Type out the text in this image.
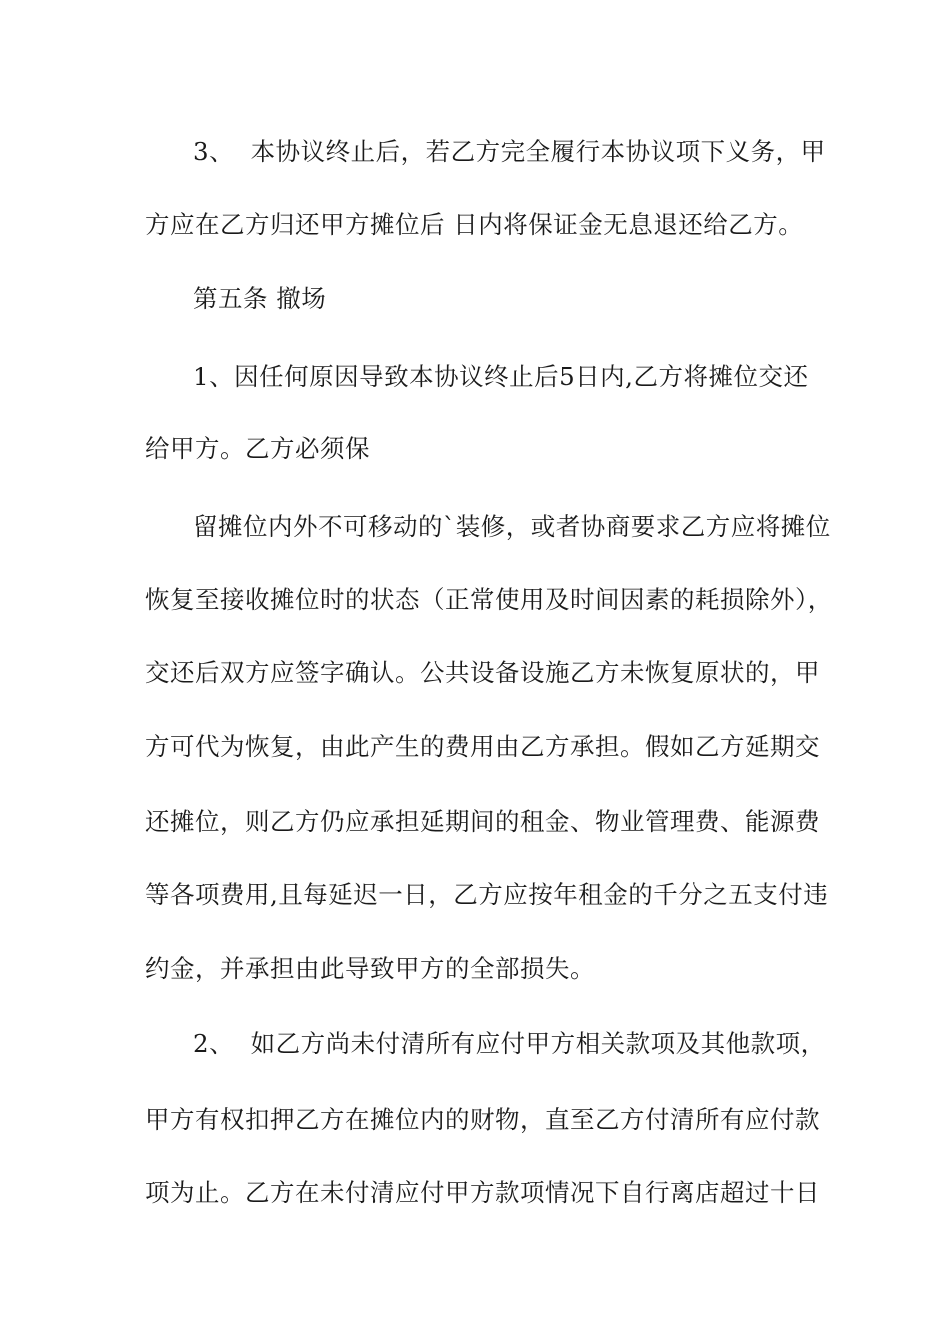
3、  本协议终止后，若乙方完全履行本协议项下义务，甲
方应在乙方归还甲方摊位后 日内将保证金无息退还给乙方。
第五条 撤场
1、因任何原因导致本协议终止后5日内,乙方将摊位交还
给甲方。乙方必须保
留摊位内外不可移动的`装修，或者协商要求乙方应将摊位
恢复至接收摊位时的状态（正常使用及时间因素的耗损除外），
交还后双方应签字确认。公共设备设施乙方未恢复原状的，甲
方可代为恢复，由此产生的费用由乙方承担。假如乙方延期交
还摊位，则乙方仍应承担延期间的租金、物业管理费、能源费
等各项费用,且每延迟一日，乙方应按年租金的千分之五支付违
约金，并承担由此导致甲方的全部损失。
2、  如乙方尚未付清所有应付甲方相关款项及其他款项，
甲方有权扣押乙方在摊位内的财物，直至乙方付清所有应付款
项为止。乙方在未付清应付甲方款项情况下自行离店超过十日
